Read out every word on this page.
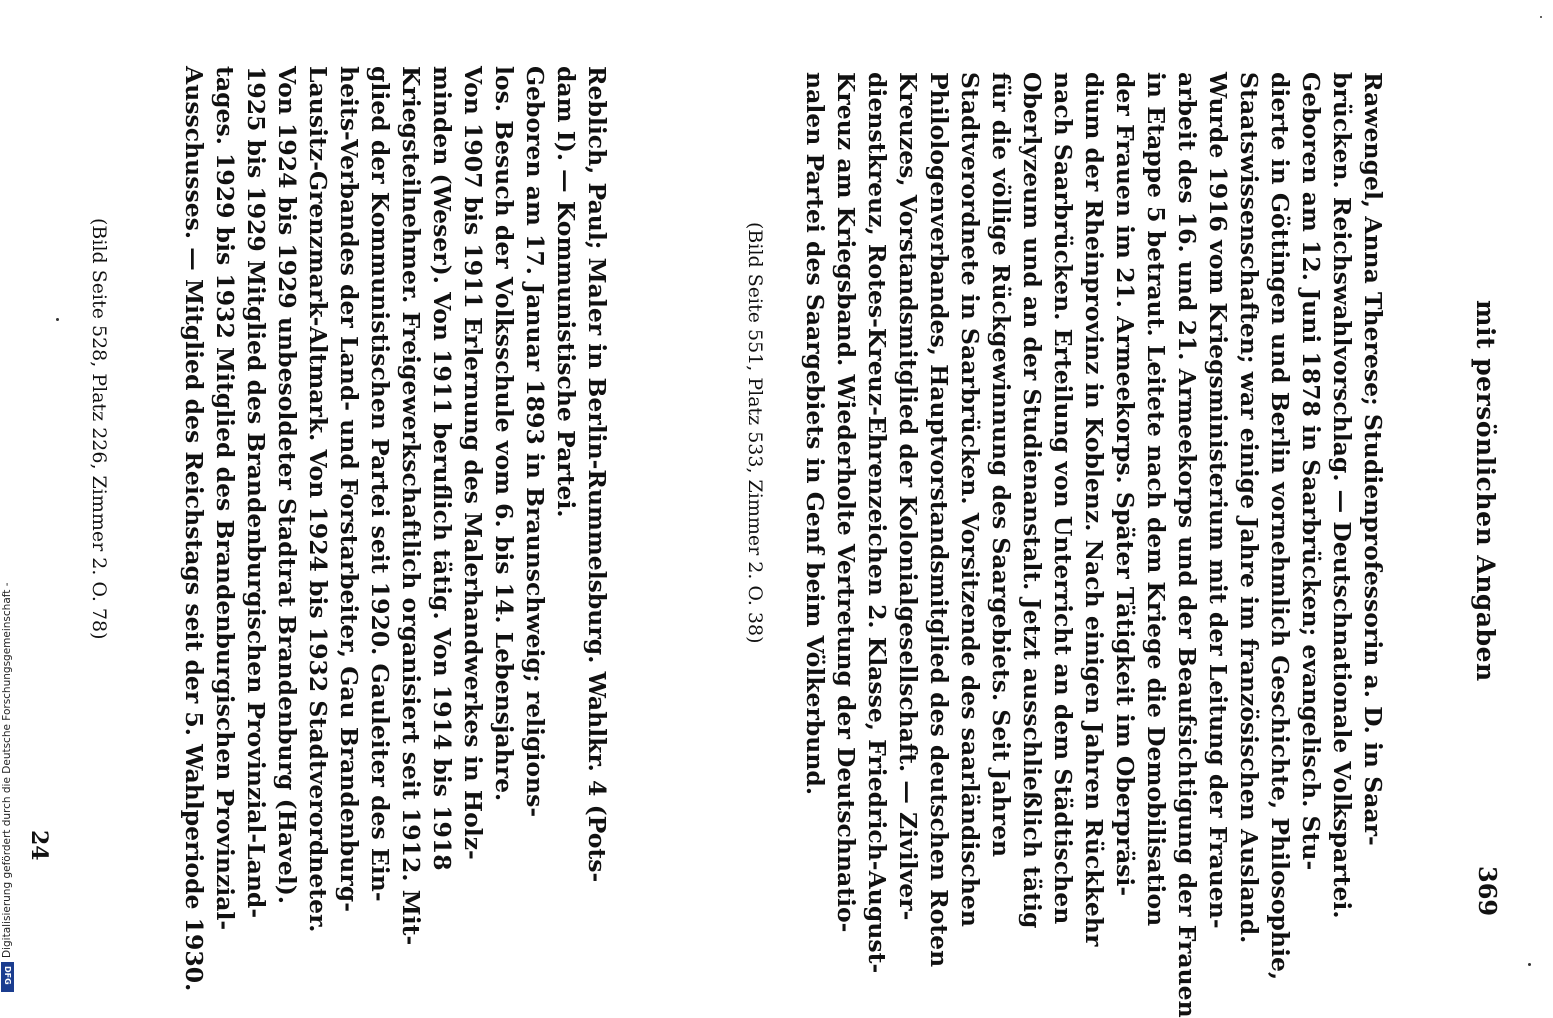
mit persönlichen Angaben
369
Rawengel, Anna Therese; Studienprofessorin a. D. in Saar-
brücken. Reichswahlvorschlag. — Deutschnationale Volkspartei.
Geboren am 12. Juni 1878 in Saarbrücken; evangelisch. Stu-
dierte in Göttingen und Berlin vornehmlich Geschichte, Philosophie,
Staatswissenschaften; war einige Jahre im französischen Ausland.
Wurde 1916 vom Kriegsministerium mit der Leitung der Frauen-
arbeit des 16. und 21. Armeekorps und der Beaufsichtigung der Frauen
in Etappe 5 betraut. Leitete nach dem Kriege die Demobilisation
der Frauen im 21. Armeekorps. Später Tätigkeit im Oberpräsi-
dium der Rheinprovinz in Koblenz. Nach einigen Jahren Rückkehr
nach Saarbrücken. Erteilung von Unterricht an dem Städtischen
Oberlyzeum und an der Studienanstalt. Jetzt ausschließlich tätig
für die völlige Rückgewinnung des Saargebiets. Seit Jahren
Stadtverordnete in Saarbrücken. Vorsitzende des saarländischen
Philologenverbandes, Hauptvorstandsmitglied des deutschen Roten
Kreuzes, Vorstandsmitglied der Kolonialgesellschaft. — Zivilver-
dienstkreuz, Rotes-Kreuz-Ehrenzeichen 2. Klasse, Friedrich-August-
Kreuz am Kriegsband. Wiederholte Vertretung der Deutschnatio-
nalen Partei des Saargebiets in Genf beim Völkerbund.
(Bild Seite 551, Platz 533, Zimmer 2. O. 38)
Reblich, Paul; Maler in Berlin-Rummelsburg. Wahlkr. 4 (Pots-
dam I). — Kommunistische Partei.
Geboren am 17. Januar 1893 in Braunschweig; religions-
los. Besuch der Volksschule vom 6. bis 14. Lebensjahre.
Von 1907 bis 1911 Erlernung des Malerhandwerkes in Holz-
minden (Weser). Von 1911 beruflich tätig. Von 1914 bis 1918
Kriegsteilnehmer. Freigewerkschaftlich organisiert seit 1912. Mit-
glied der Kommunistischen Partei seit 1920. Gauleiter des Ein-
heits-Verbandes der Land- und Forstarbeiter, Gau Brandenburg-
Lausitz-Grenzmark-Altmark. Von 1924 bis 1932 Stadtverordneter.
Von 1924 bis 1929 unbesoldeter Stadtrat Brandenburg (Havel).
1925 bis 1929 Mitglied des Brandenburgischen Provinzial-Land-
tages. 1929 bis 1932 Mitglied des Brandenburgischen Provinzial-
Ausschusses. — Mitglied des Reichstags seit der 5. Wahlperiode 1930.
(Bild Seite 528, Platz 226, Zimmer 2. O. 78)
24
Digitalisierung gefördert durch die Deutsche Forschungsgemeinschaft -
DFG
